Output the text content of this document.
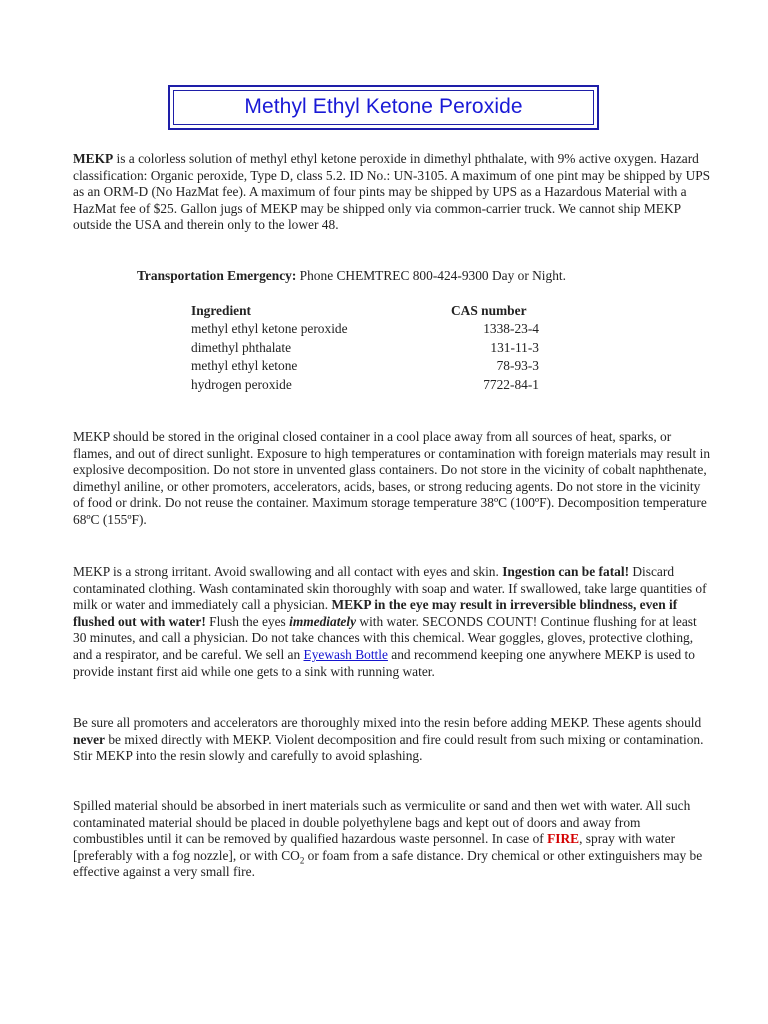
Methyl Ethyl Ketone Peroxide

MEKP is a colorless solution of methyl ethyl ketone peroxide in dimethyl phthalate, with 9% active oxygen. Hazard classification: Organic peroxide, Type D, class 5.2. ID No.: UN-3105. A maximum of one pint may be shipped by UPS as an ORM-D (No HazMat fee). A maximum of four pints may be shipped by UPS as a Hazardous Material with a HazMat fee of $25. Gallon jugs of MEKP may be shipped only via common-carrier truck. We cannot ship MEKP outside the USA and therein only to the lower 48.

Transportation Emergency: Phone CHEMTREC 800-424-9300 Day or Night.
Ingredient	CAS number
methyl ethyl ketone peroxide	1338-23-4
dimethyl phthalate	131-11-3
methyl ethyl ketone	78-93-3
hydrogen peroxide	7722-84-1

MEKP should be stored in the original closed container in a cool place away from all sources of heat, sparks, or flames, and out of direct sunlight. Exposure to high temperatures or contamination with foreign materials may result in explosive decomposition. Do not store in unvented glass containers. Do not store in the vicinity of cobalt naphthenate, dimethyl aniline, or other promoters, accelerators, acids, bases, or strong reducing agents. Do not store in the vicinity of food or drink. Do not reuse the container. Maximum storage temperature 38ºC (100ºF). Decomposition temperature 68ºC (155ºF).

MEKP is a strong irritant. Avoid swallowing and all contact with eyes and skin. Ingestion can be fatal! Discard contaminated clothing. Wash contaminated skin thoroughly with soap and water. If swallowed, take large quantities of milk or water and immediately call a physician. MEKP in the eye may result in irreversible blindness, even if flushed out with water! Flush the eyes immediately with water. SECONDS COUNT! Continue flushing for at least 30 minutes, and call a physician. Do not take chances with this chemical. Wear goggles, gloves, protective clothing, and a respirator, and be careful. We sell an Eyewash Bottle and recommend keeping one anywhere MEKP is used to provide instant first aid while one gets to a sink with running water.

Be sure all promoters and accelerators are thoroughly mixed into the resin before adding MEKP. These agents should never be mixed directly with MEKP. Violent decomposition and fire could result from such mixing or contamination. Stir MEKP into the resin slowly and carefully to avoid splashing.

Spilled material should be absorbed in inert materials such as vermiculite or sand and then wet with water. All such contaminated material should be placed in double polyethylene bags and kept out of doors and away from combustibles until it can be removed by qualified hazardous waste personnel. In case of FIRE, spray with water [preferably with a fog nozzle], or with $CO_2$ or foam from a safe distance. Dry chemical or other extinguishers may be effective against a very small fire.
